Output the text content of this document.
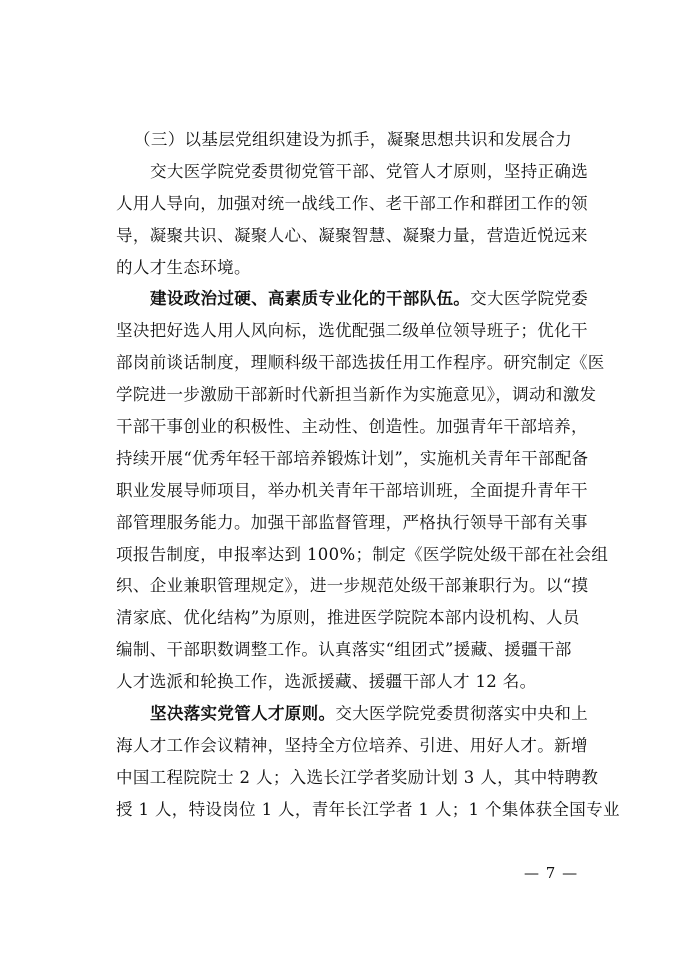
（三）以基层党组织建设为抓手，凝聚思想共识和发展合力
交大医学院党委贯彻党管干部、党管人才原则，坚持正确选
人用人导向，加强对统一战线工作、老干部工作和群团工作的领
导，凝聚共识、凝聚人心、凝聚智慧、凝聚力量，营造近悦远来
的人才生态环境。
建设政治过硬、高素质专业化的干部队伍。交大医学院党委
坚决把好选人用人风向标，选优配强二级单位领导班子；优化干
部岗前谈话制度，理顺科级干部选拔任用工作程序。研究制定《医
学院进一步激励干部新时代新担当新作为实施意见》，调动和激发
干部干事创业的积极性、主动性、创造性。加强青年干部培养，
持续开展“优秀年轻干部培养锻炼计划”，实施机关青年干部配备
职业发展导师项目，举办机关青年干部培训班，全面提升青年干
部管理服务能力。加强干部监督管理，严格执行领导干部有关事
项报告制度，申报率达到 100%；制定《医学院处级干部在社会组
织、企业兼职管理规定》，进一步规范处级干部兼职行为。以“摸
清家底、优化结构”为原则，推进医学院院本部内设机构、人员
编制、干部职数调整工作。认真落实“组团式”援藏、援疆干部
人才选派和轮换工作，选派援藏、援疆干部人才 12 名。
坚决落实党管人才原则。交大医学院党委贯彻落实中央和上
海人才工作会议精神，坚持全方位培养、引进、用好人才。新增
中国工程院院士 2 人；入选长江学者奖励计划 3 人，其中特聘教
授 1 人，特设岗位 1 人，青年长江学者 1 人；1 个集体获全国专业
— 7 —
